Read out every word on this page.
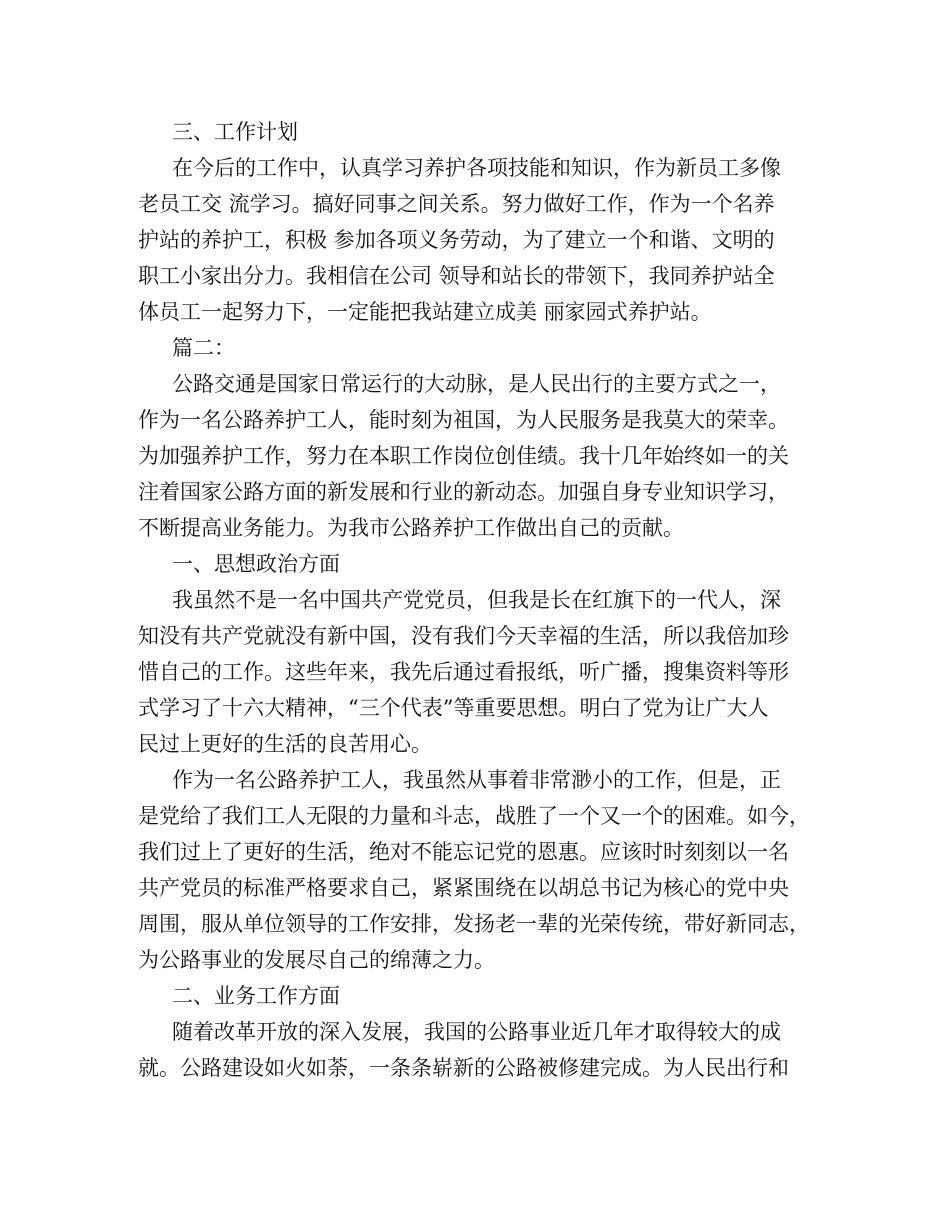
三、工作计划
在今后的工作中，认真学习养护各项技能和知识，作为新员工多像
老员工交 流学习。搞好同事之间关系。努力做好工作，作为一个名养
护站的养护工，积极 参加各项义务劳动，为了建立一个和谐、文明的
职工小家出分力。我相信在公司 领导和站长的带领下，我同养护站全
体员工一起努力下，一定能把我站建立成美 丽家园式养护站。
篇二：
公路交通是国家日常运行的大动脉，是人民出行的主要方式之一，
作为一名公路养护工人，能时刻为祖国，为人民服务是我莫大的荣幸。
为加强养护工作，努力在本职工作岗位创佳绩。我十几年始终如一的关
注着国家公路方面的新发展和行业的新动态。加强自身专业知识学习，
不断提高业务能力。为我市公路养护工作做出自己的贡献。
一、思想政治方面
我虽然不是一名中国共产党党员，但我是长在红旗下的一代人，深
知没有共产党就没有新中国，没有我们今天幸福的生活，所以我倍加珍
惜自己的工作。这些年来，我先后通过看报纸，听广播，搜集资料等形
式学习了十六大精神，“三个代表”等重要思想。明白了党为让广大人
民过上更好的生活的良苦用心。
作为一名公路养护工人，我虽然从事着非常渺小的工作，但是，正
是党给了我们工人无限的力量和斗志，战胜了一个又一个的困难。如今，
我们过上了更好的生活，绝对不能忘记党的恩惠。应该时时刻刻以一名
共产党员的标准严格要求自己，紧紧围绕在以胡总书记为核心的党中央
周围，服从单位领导的工作安排，发扬老一辈的光荣传统，带好新同志，
为公路事业的发展尽自己的绵薄之力。
二、业务工作方面
随着改革开放的深入发展，我国的公路事业近几年才取得较大的成
就。公路建设如火如荼，一条条崭新的公路被修建完成。为人民出行和
